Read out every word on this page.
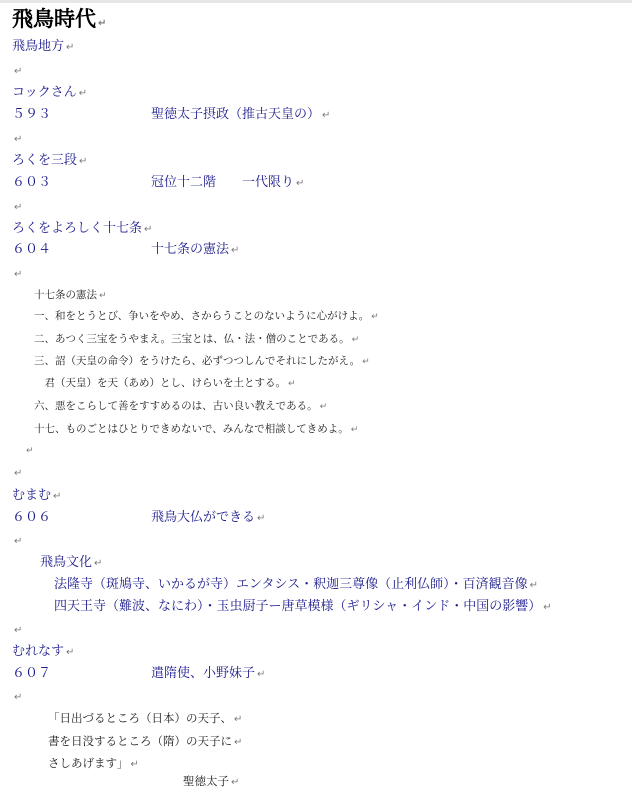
飛鳥時代 ↵
飛鳥地方 ↵
↵
コックさん ↵
５９３	聖徳太子摂政（推古天皇の） ↵
↵
ろくを三段 ↵
６０３	冠位十二階　　一代限り ↵
↵
ろくをよろしく十七条 ↵
６０４	十七条の憲法 ↵
↵
十七条の憲法 ↵
一、和をとうとび、争いをやめ、さからうことのないように心がけよ。 ↵
二、あつく三宝をうやまえ。三宝とは、仏・法・僧のことである。 ↵
三、詔（天皇の命令）をうけたら、必ずつつしんでそれにしたがえ。 ↵
　君（天皇）を天（あめ）とし、けらいを土とする。 ↵
六、悪をこらして善をすすめるのは、古い良い教えである。 ↵
十七、ものごとはひとりできめないで、みんなで相談してきめよ。 ↵
↵
↵
むまむ ↵
６０６	飛鳥大仏ができる ↵
↵
飛鳥文化 ↵
法隆寺（斑鳩寺、いかるが寺）エンタシス・釈迦三尊像（止利仏師）・百済観音像 ↵
四天王寺（難波、なにわ）・玉虫厨子ー唐草模様（ギリシャ・インド・中国の影響） ↵
↵
むれなす ↵
６０７	遣隋使、小野妹子 ↵
↵
「日出づるところ（日本）の天子、 ↵
書を日没するところ（隋）の天子に ↵
さしあげます」 ↵
聖徳太子 ↵
